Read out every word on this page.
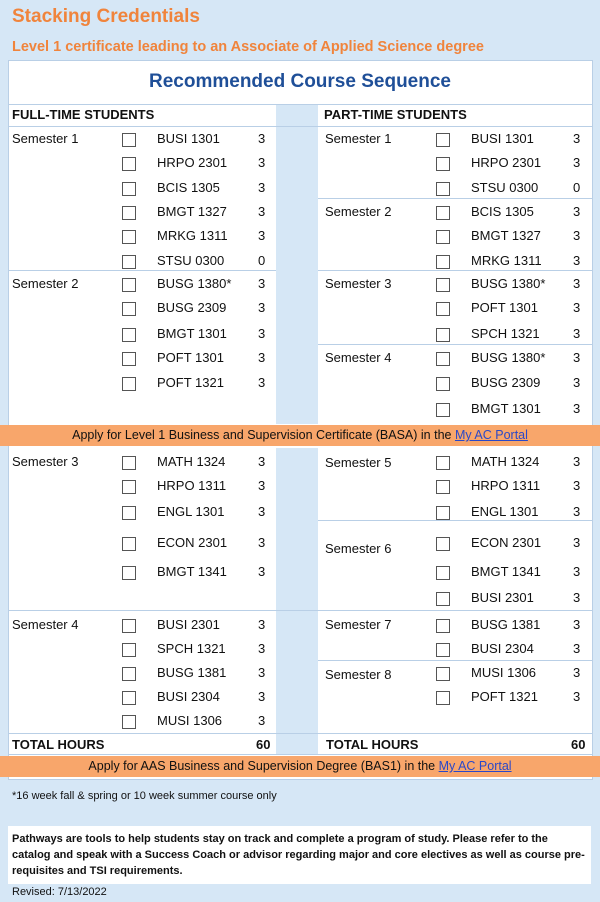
Stacking Credentials
Level 1 certificate leading to an Associate of Applied Science degree
Recommended Course Sequence
FULL-TIME STUDENTS	PART-TIME STUDENTS
Semester 1	BUSI 1301	3
HRPO 2301 3
BCIS 1305	3
BMGT 1327 3
MRKG 1311 3
STSU 0300	0
Semester 2	BUSG 1380* 3
BUSG 2309 3
BMGT 1301 3
POFT 1301	3
POFT 1321	3
Semester 3	MATH 1324	3
HRPO 1311 3
ENGL 1301	3
ECON 2301 3
BMGT 1341 3
Semester 4	BUSI 2301	3
SPCH 1321 3
BUSG 1381 3
BUSI 2304	3
MUSI 1306	3
Semester 1	BUSI 1301	3
HRPO 2301 3
STSU 0300	0
Semester 2	BCIS 1305	3
BMGT 1327 3
MRKG 1311 3
Semester 3	BUSG 1380* 3
POFT 1301	3
SPCH 1321	3
Semester 4	BUSG 1380* 3
BUSG 2309	3
BMGT 1301 3
Semester 5	MATH 1324	3
HRPO 1311	3
ENGL 1301	3
Semester 6	ECON 2301 3
BMGT 1341 3
BUSI 2301	3
Semester 7	BUSG 1381	3
BUSI 2304	3
Semester 8	MUSI 1306	3
POFT 1321	3
Apply for Level 1 Business and Supervision Certificate (BASA) in the My AC Portal
Apply for AAS Business and Supervision Degree (BAS1) in the My AC Portal
TOTAL HOURS	60	TOTAL HOURS	60
*16 week fall & spring or 10 week summer course only
Pathways are tools to help students stay on track and complete a program of study. Please refer to the catalog and speak with a Success Coach or advisor regarding major and core electives as well as course pre-requisites and TSI requirements.
Revised: 7/13/2022
